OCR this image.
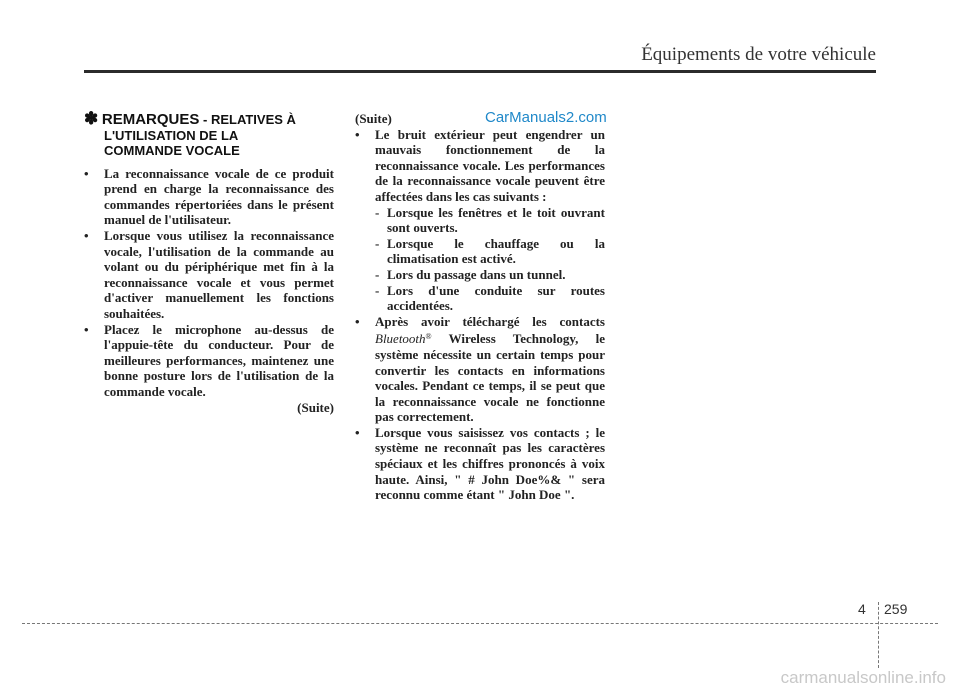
Équipements de votre véhicule
✽ REMARQUES - RELATIVES À
L'UTILISATION DE LA
COMMANDE VOCALE

• La reconnaissance vocale de ce produit prend en charge la reconnaissance des commandes répertoriées dans le présent manuel de l'utilisateur.

• Lorsque vous utilisez la reconnaissance vocale, l'utilisation de la commande au volant ou du périphérique met fin à la reconnaissance vocale et vous permet d'activer manuellement les fonctions souhaitées.

• Placez le microphone au-dessus de l'appuie-tête du conducteur. Pour de meilleures performances, maintenez une bonne posture lors de l'utilisation de la commande vocale.

(Suite)

(Suite)

• Le bruit extérieur peut engendrer un mauvais fonctionnement de la reconnaissance vocale. Les performances de la reconnaissance vocale peuvent être affectées dans les cas suivants :

- Lorsque les fenêtres et le toit ouvrant sont ouverts.

- Lorsque le chauffage ou la climatisation est activé.

- Lors du passage dans un tunnel.

- Lors d'une conduite sur routes accidentées.

• Après avoir téléchargé les contacts Bluetooth® Wireless Technology, le système nécessite un certain temps pour convertir les contacts en informations vocales. Pendant ce temps, il se peut que la reconnaissance vocale ne fonctionne pas correctement.

• Lorsque vous saisissez vos contacts ; le système ne reconnaît pas les caractères spéciaux et les chiffres prononcés à voix haute. Ainsi, " # John Doe%& " sera reconnu comme étant " John Doe ".

CarManuals2.com
4 259
carmanualsonline.info
